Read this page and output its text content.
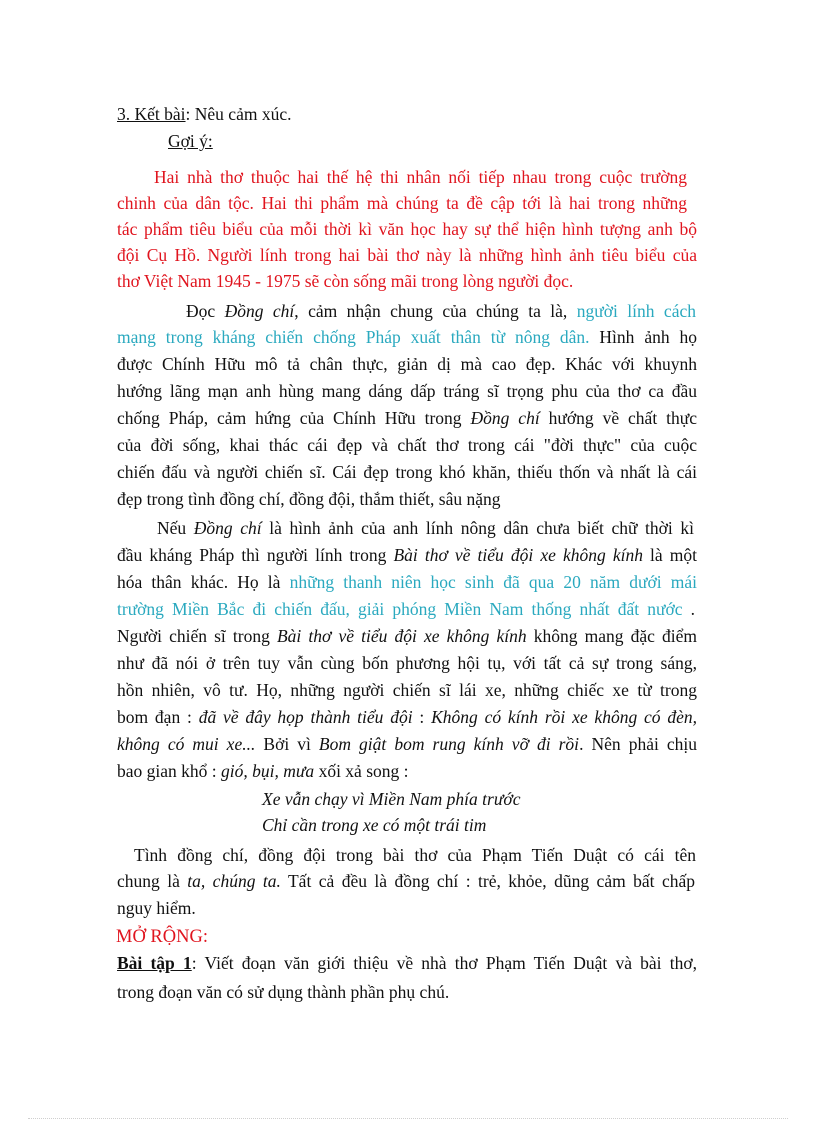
3. Kết bài: Nêu cảm xúc.
Gợi ý:
Hai nhà thơ thuộc hai thế hệ thi nhân nối tiếp nhau trong cuộc trường
chinh của dân tộc. Hai thi phẩm mà chúng ta đề cập tới là hai trong những
tác phẩm tiêu biểu của mỗi thời kì văn học hay sự thể hiện hình tượng anh bộ
đội Cụ Hồ. Người lính trong hai bài thơ này là những hình ảnh tiêu biểu của
thơ Việt Nam 1945 - 1975 sẽ còn sống mãi trong lòng người đọc.
Đọc Đồng chí, cảm nhận chung của chúng ta là, người lính cách
mạng trong kháng chiến chống Pháp xuất thân từ nông dân. Hình ảnh họ
được Chính Hữu mô tả chân thực, giản dị mà cao đẹp. Khác với khuynh
hướng lãng mạn anh hùng mang dáng dấp tráng sĩ trọng phu của thơ ca đầu
chống Pháp, cảm hứng của Chính Hữu trong Đồng chí hướng về chất thực
của đời sống, khai thác cái đẹp và chất thơ trong cái "đời thực" của cuộc
chiến đấu và người chiến sĩ. Cái đẹp trong khó khăn, thiếu thốn và nhất là cái
đẹp trong tình đồng chí, đồng đội, thắm thiết, sâu nặng
Nếu Đồng chí là hình ảnh của anh lính nông dân chưa biết chữ thời kì
đầu kháng Pháp thì người lính trong Bài thơ về tiểu đội xe không kính là một
hóa thân khác. Họ là những thanh niên học sinh đã qua 20 năm dưới mái
trường Miền Bắc đi chiến đấu, giải phóng Miền Nam thống nhất đất nước .
Người chiến sĩ trong Bài thơ về tiểu đội xe không kính không mang đặc điểm
như đã nói ở trên tuy vẫn cùng bốn phương hội tụ, với tất cả sự trong sáng,
hồn nhiên, vô tư. Họ, những người chiến sĩ lái xe, những chiếc xe từ trong
bom đạn : đã về đây họp thành tiểu đội : Không có kính rồi xe không có đèn,
không có mui xe... Bởi vì Bom giật bom rung kính vỡ đi rồi. Nên phải chịu
bao gian khổ : gió, bụi, mưa xối xả song :
Xe vẫn chạy vì Miền Nam phía trước
Chỉ cần trong xe có một trái tim
Tình đồng chí, đồng đội trong bài thơ của Phạm Tiến Duật có cái tên
chung là ta, chúng ta. Tất cả đều là đồng chí : trẻ, khỏe, dũng cảm bất chấp
nguy hiểm.
MỞ RỘNG:
Bài tập 1: Viết đoạn văn giới thiệu về nhà thơ Phạm Tiến Duật và bài thơ,
trong đoạn văn có sử dụng thành phần phụ chú.
